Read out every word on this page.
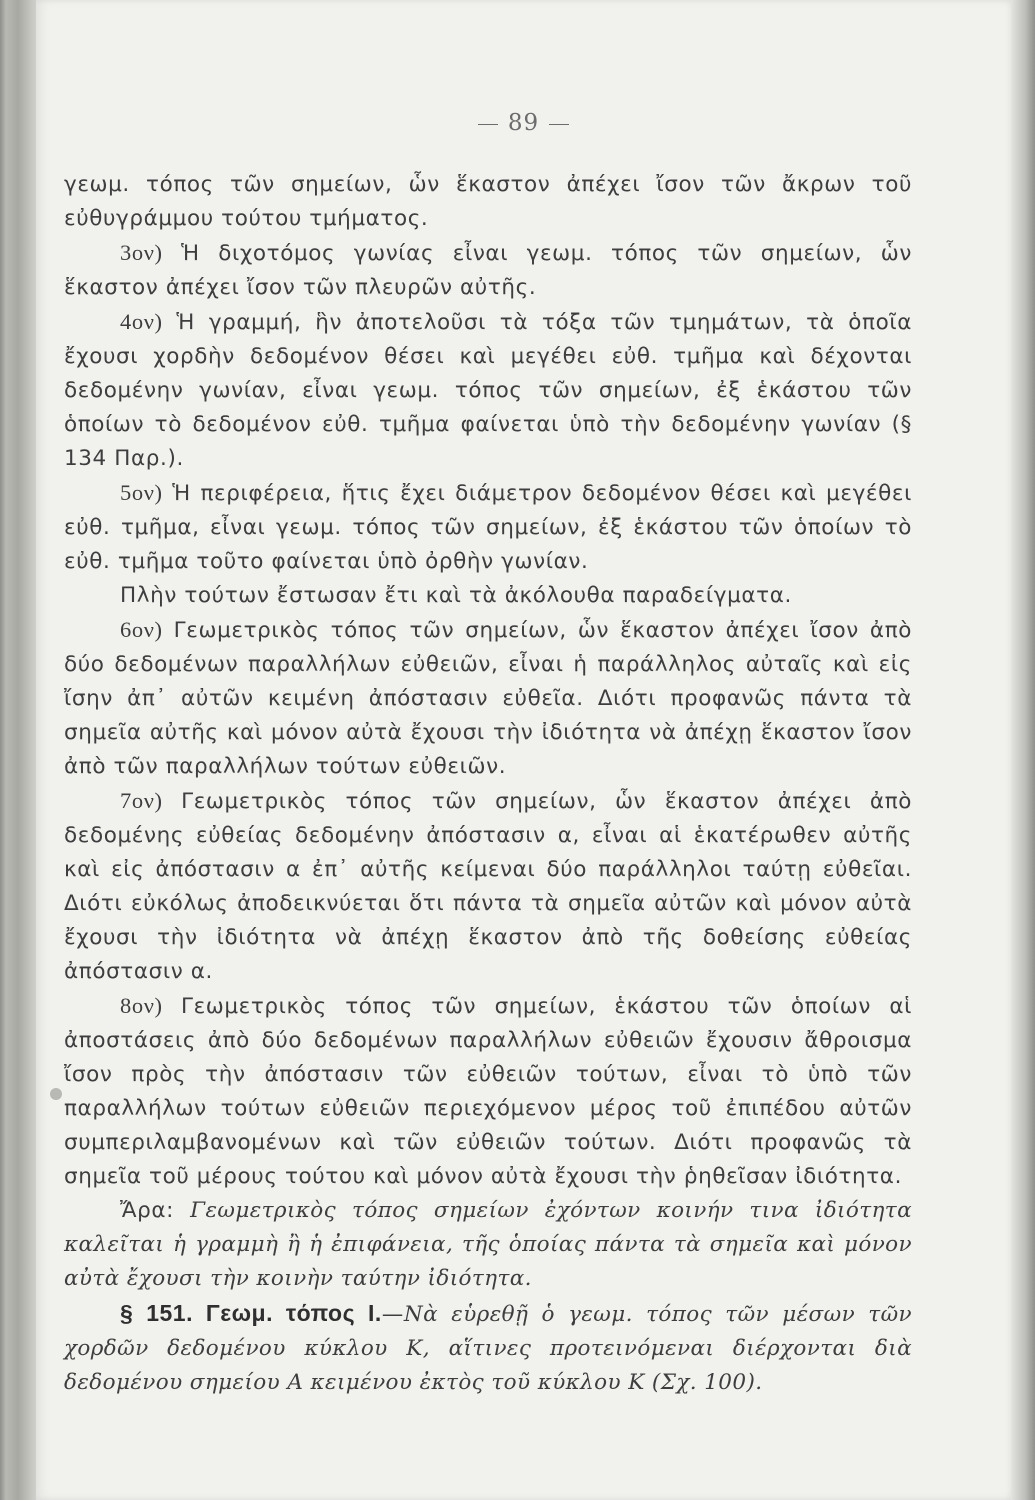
89

γεωμ. τόπος τῶν σημείων, ὧν ἕκαστον ἀπέχει ἴσον τῶν ἄκρων τοῦ εὐθυγράμμου τούτου τμήματος.

3ον) Ἡ διχοτόμος γωνίας εἶναι γεωμ. τόπος τῶν σημείων, ὧν ἕκαστον ἀπέχει ἴσον τῶν πλευρῶν αὐτῆς.

4ον) Ἡ γραμμή, ἣν ἀποτελοῦσι τὰ τόξα τῶν τμημάτων, τὰ ὁποῖα ἔχουσι χορδὴν δεδομένον θέσει καὶ μεγέθει εὐθ. τμῆμα καὶ δέχονται δεδομένην γωνίαν, εἶναι γεωμ. τόπος τῶν σημείων, ἐξ ἑκάστου τῶν ὁποίων τὸ δεδομένον εὐθ. τμῆμα φαίνεται ὑπὸ τὴν δεδομένην γωνίαν (§ 134 Παρ.).

5ον) Ἡ περιφέρεια, ἥτις ἔχει διάμετρον δεδομένον θέσει καὶ μεγέθει εὐθ. τμῆμα, εἶναι γεωμ. τόπος τῶν σημείων, ἐξ ἑκάστου τῶν ὁποίων τὸ εὐθ. τμῆμα τοῦτο φαίνεται ὑπὸ ὀρθὴν γωνίαν.

Πλὴν τούτων ἔστωσαν ἔτι καὶ τὰ ἀκόλουθα παραδείγματα.

6ον) Γεωμετρικὸς τόπος τῶν σημείων, ὧν ἕκαστον ἀπέχει ἴσον ἀπὸ δύο δεδομένων παραλλήλων εὐθειῶν, εἶναι ἡ παράλληλος αὐταῖς καὶ εἰς ἴσην ἀπ᾽ αὐτῶν κειμένη ἀπόστασιν εὐθεῖα. Διότι προφανῶς πάντα τὰ σημεῖα αὐτῆς καὶ μόνον αὐτὰ ἔχουσι τὴν ἰδιότητα νὰ ἀπέχῃ ἕκαστον ἴσον ἀπὸ τῶν παραλλήλων τούτων εὐθειῶν.

7ον) Γεωμετρικὸς τόπος τῶν σημείων, ὧν ἕκαστον ἀπέχει ἀπὸ δεδομένης εὐθείας δεδομένην ἀπόστασιν α, εἶναι αἱ ἑκατέρωθεν αὐτῆς καὶ εἰς ἀπόστασιν α ἐπ᾽ αὐτῆς κείμεναι δύο παράλληλοι ταύτῃ εὐθεῖαι. Διότι εὐκόλως ἀποδεικνύεται ὅτι πάντα τὰ σημεῖα αὐτῶν καὶ μόνον αὐτὰ ἔχουσι τὴν ἰδιότητα νὰ ἀπέχῃ ἕκαστον ἀπὸ τῆς δοθείσης εὐθείας ἀπόστασιν α.

8ον) Γεωμετρικὸς τόπος τῶν σημείων, ἑκάστου τῶν ὁποίων αἱ ἀποστάσεις ἀπὸ δύο δεδομένων παραλλήλων εὐθειῶν ἔχουσιν ἄθροισμα ἴσον πρὸς τὴν ἀπόστασιν τῶν εὐθειῶν τούτων, εἶναι τὸ ὑπὸ τῶν παραλλήλων τούτων εὐθειῶν περιεχόμενον μέρος τοῦ ἐπιπέδου αὐτῶν συμπεριλαμβανομένων καὶ τῶν εὐθειῶν τούτων. Διότι προφανῶς τὰ σημεῖα τοῦ μέρους τούτου καὶ μόνον αὐτὰ ἔχουσι τὴν ῥηθεῖσαν ἰδιότητα.

Ἄρα: Γεωμετρικὸς τόπος σημείων ἐχόντων κοινήν τινα ἰδιότητα καλεῖται ἡ γραμμὴ ἢ ἡ ἐπιφάνεια, τῆς ὁποίας πάντα τὰ σημεῖα καὶ μόνον αὐτὰ ἔχουσι τὴν κοινὴν ταύτην ἰδιότητα.

§ 151. Γεωμ. τόπος Ι.—Νὰ εὑρεθῇ ὁ γεωμ. τόπος τῶν μέσων τῶν χορδῶν δεδομένου κύκλου Κ, αἵτινες προτεινόμεναι διέρχονται διὰ δεδομένου σημείου Α κειμένου ἐκτὸς τοῦ κύκλου Κ (Σχ. 100).
